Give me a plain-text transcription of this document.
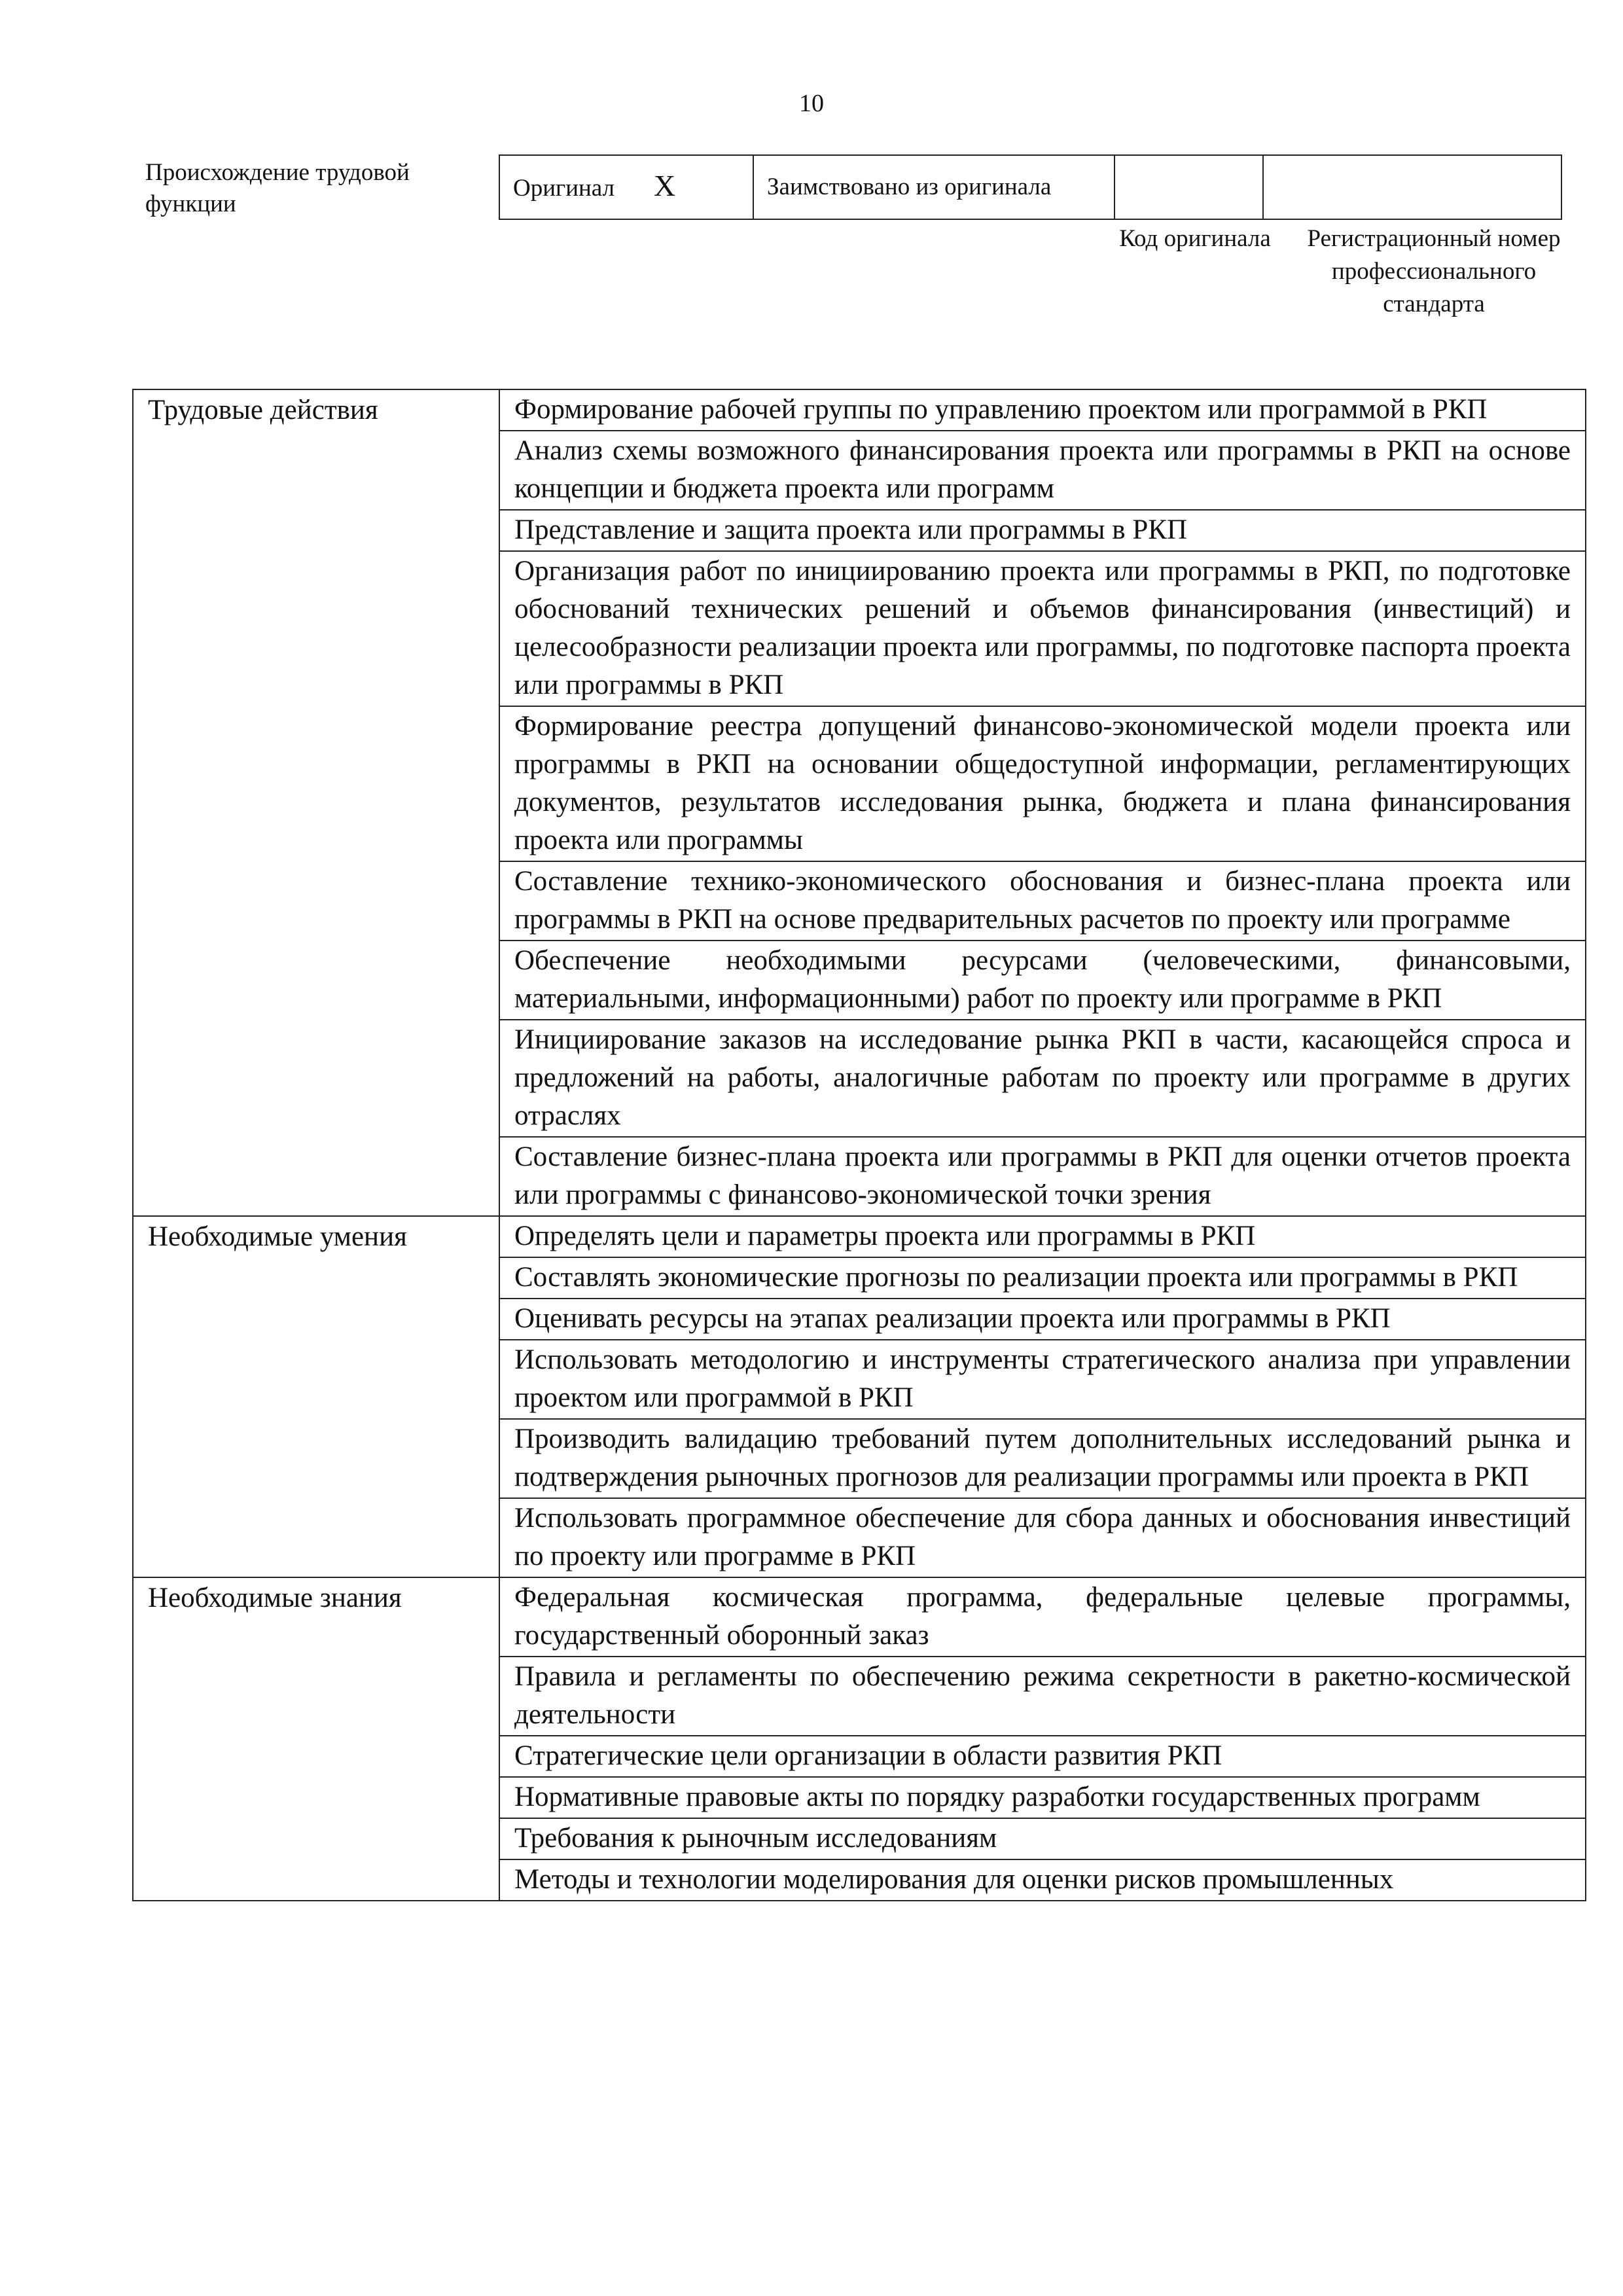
10
Происхождение трудовой функции
Оригинал X	Заимствовано из оригинала		
Код оригинала	Регистрационный номер профессионального стандарта
Трудовые действия	Формирование рабочей группы по управлению проектом или программой в РКП
	Анализ схемы возможного финансирования проекта или программы в РКП на основе концепции и бюджета проекта или программ
	Представление и защита проекта или программы в РКП
	Организация работ по инициированию проекта или программы в РКП, по подготовке обоснований технических решений и объемов финансирования (инвестиций) и целесообразности реализации проекта или программы, по подготовке паспорта проекта или программы в РКП
	Формирование реестра допущений финансово-экономической модели проекта или программы в РКП на основании общедоступной информации, регламентирующих документов, результатов исследования рынка, бюджета и плана финансирования проекта или программы
	Составление технико-экономического обоснования и бизнес-плана проекта или программы в РКП на основе предварительных расчетов по проекту или программе
	Обеспечение необходимыми ресурсами (человеческими, финансовыми, материальными, информационными) работ по проекту или программе в РКП
	Инициирование заказов на исследование рынка РКП в части, касающейся спроса и предложений на работы, аналогичные работам по проекту или программе в других отраслях
	Составление бизнес-плана проекта или программы в РКП для оценки отчетов проекта или программы с финансово-экономической точки зрения
Необходимые умения	Определять цели и параметры проекта или программы в РКП
	Составлять экономические прогнозы по реализации проекта или программы в РКП
	Оценивать ресурсы на этапах реализации проекта или программы в РКП
	Использовать методологию и инструменты стратегического анализа при управлении проектом или программой в РКП
	Производить валидацию требований путем дополнительных исследований рынка и подтверждения рыночных прогнозов для реализации программы или проекта в РКП
	Использовать программное обеспечение для сбора данных и обоснования инвестиций по проекту или программе в РКП
Необходимые знания	Федеральная космическая программа, федеральные целевые программы, государственный оборонный заказ
	Правила и регламенты по обеспечению режима секретности в ракетно-космической деятельности
	Стратегические цели организации в области развития РКП
	Нормативные правовые акты по порядку разработки государственных программ
	Требования к рыночным исследованиям
	Методы и технологии моделирования для оценки рисков промышленных
